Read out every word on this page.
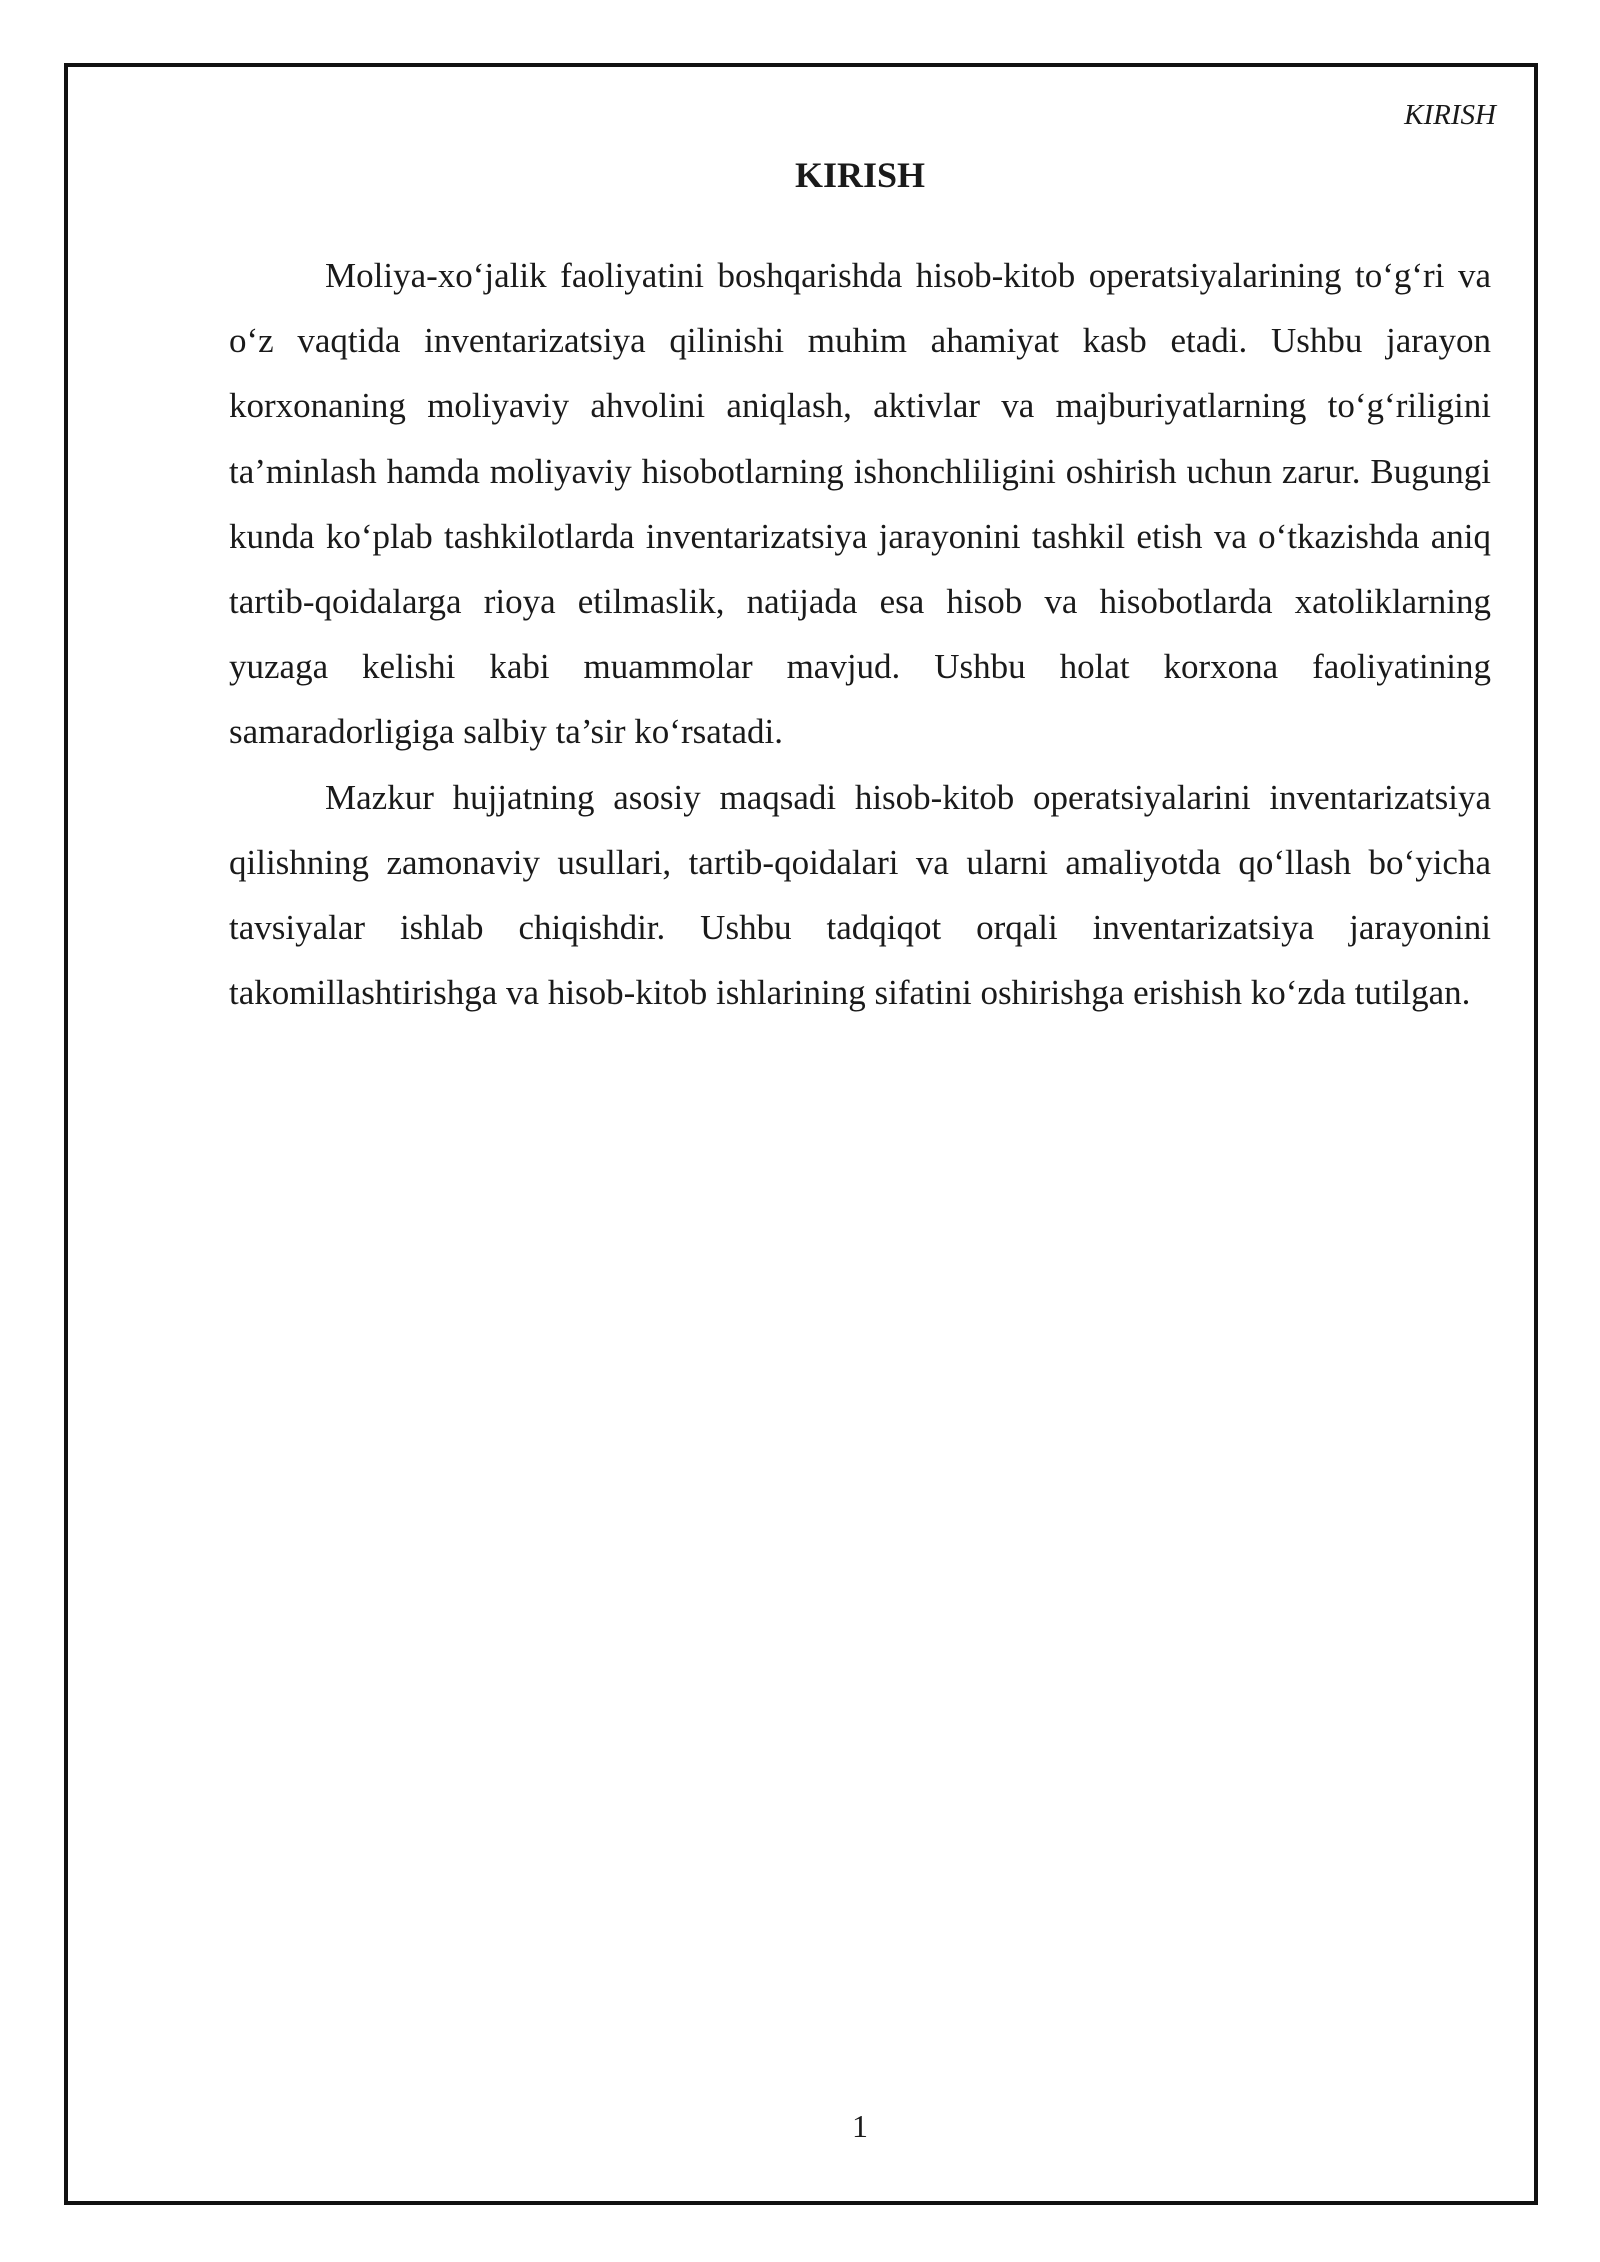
KIRISH
KIRISH

Moliya-xo‘jalik faoliyatini boshqarishda hisob-kitob operatsiyalarining to‘g‘ri va o‘z vaqtida inventarizatsiya qilinishi muhim ahamiyat kasb etadi. Ushbu jarayon korxonaning moliyaviy ahvolini aniqlash, aktivlar va majburiyatlarning to‘g‘riligini ta’minlash hamda moliyaviy hisobotlarning ishonchliligini oshirish uchun zarur. Bugungi kunda ko‘plab tashkilotlarda inventarizatsiya jarayonini tashkil etish va o‘tkazishda aniq tartib-qoidalarga rioya etilmaslik, natijada esa hisob va hisobotlarda xatoliklarning yuzaga kelishi kabi muammolar mavjud. Ushbu holat korxona faoliyatining samaradorligiga salbiy ta’sir ko‘rsatadi.

Mazkur hujjatning asosiy maqsadi hisob-kitob operatsiyalarini inventarizatsiya qilishning zamonaviy usullari, tartib-qoidalari va ularni amaliyotda qo‘llash bo‘yicha tavsiyalar ishlab chiqishdir. Ushbu tadqiqot orqali inventarizatsiya jarayonini takomillashtirishga va hisob-kitob ishlarining sifatini oshirishga erishish ko‘zda tutilgan.

1
